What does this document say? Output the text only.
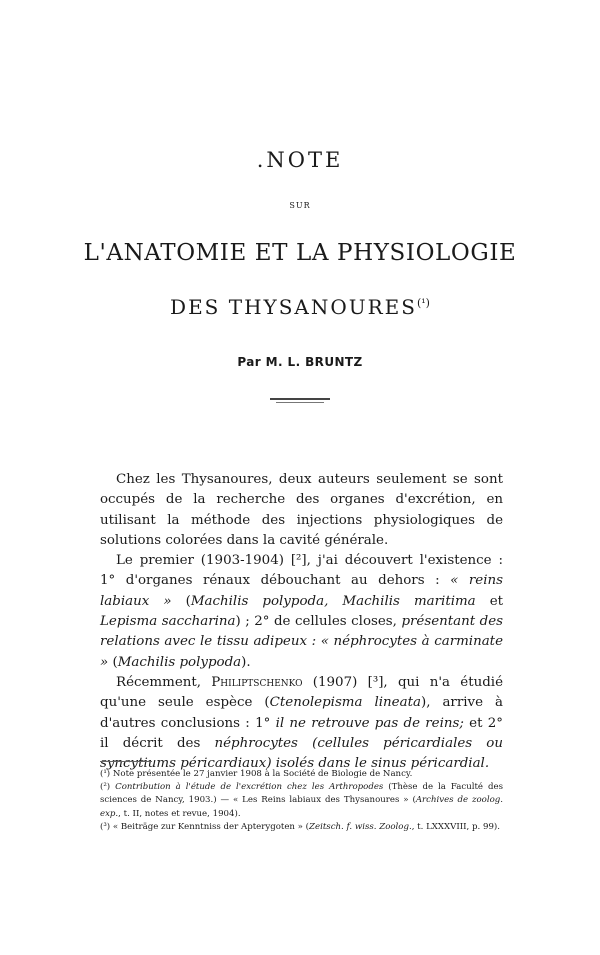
.NOTE
SUR
L'ANATOMIE ET LA PHYSIOLOGIE
DES $THYSANOURES^{(^1)}$
Par M. L. BRUNTZ

Chez les Thysanoures, deux auteurs seulement se sont occupés de la recherche des organes d'excrétion, en utilisant la méthode des injections physiologiques de solutions colorées dans la cavité générale.

Le premier (1903-1904) [²], j'ai découvert l'existence : 1° d'organes rénaux débouchant au dehors : « reins labiaux » (Machilis polypoda, Machilis maritima et Lepisma saccharina) ; 2° de cellules closes, présentant des relations avec le tissu adipeux : « néphrocytes à carminate » (Machilis polypoda).

Récemment, Philiptschenko (1907) [³], qui n'a étudié qu'une seule espèce (Ctenolepisma lineata), arrive à d'autres conclusions : 1° il ne retrouve pas de reins; et 2° il décrit des néphrocytes (cellules péricardiales ou syncytiums péricardiaux) isolés dans le sinus péricardial.

(¹) Note présentée le 27 janvier 1908 à la Société de Biologie de Nancy.

(²) Contribution à l'étude de l'excrétion chez les Arthropodes (Thèse de la Faculté des sciences de Nancy, 1903.) — « Les Reins labiaux des Thysanoures » (Archives de zoolog. exp., t. II, notes et revue, 1904).

(³) « Beiträge zur Kenntniss der Apterygoten » (Zeitsch. f. wiss. Zoolog., t. LXXXVIII, p. 99).
